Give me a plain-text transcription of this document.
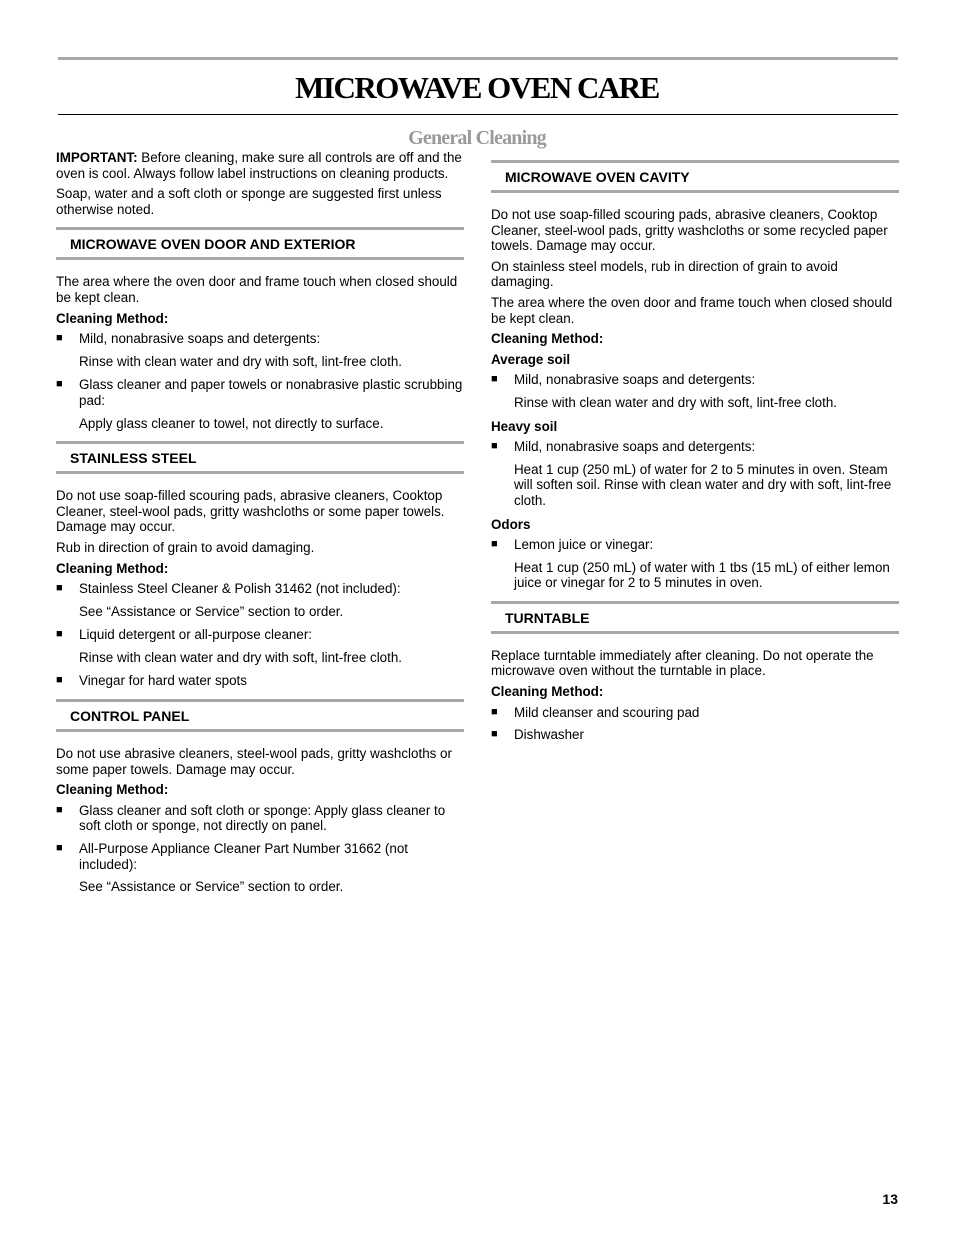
MICROWAVE OVEN CARE
General Cleaning

IMPORTANT: Before cleaning, make sure all controls are off and the oven is cool. Always follow label instructions on cleaning products.

Soap, water and a soft cloth or sponge are suggested first unless otherwise noted.

MICROWAVE OVEN DOOR AND EXTERIOR

The area where the oven door and frame touch when closed should be kept clean.

Cleaning Method:
■ Mild, nonabrasive soaps and detergents:
Rinse with clean water and dry with soft, lint-free cloth.
■ Glass cleaner and paper towels or nonabrasive plastic scrubbing pad:
Apply glass cleaner to towel, not directly to surface.
STAINLESS STEEL

Do not use soap-filled scouring pads, abrasive cleaners, Cooktop Cleaner, steel-wool pads, gritty washcloths or some paper towels. Damage may occur.

Rub in direction of grain to avoid damaging.

Cleaning Method:
■ Stainless Steel Cleaner & Polish 31462 (not included):
See “Assistance or Service” section to order.
■ Liquid detergent or all-purpose cleaner:
Rinse with clean water and dry with soft, lint-free cloth.
■ Vinegar for hard water spots
CONTROL PANEL

Do not use abrasive cleaners, steel-wool pads, gritty washcloths or some paper towels. Damage may occur.

Cleaning Method:
■ Glass cleaner and soft cloth or sponge: Apply glass cleaner to soft cloth or sponge, not directly on panel.
■ All-Purpose Appliance Cleaner Part Number 31662 (not included):
See “Assistance or Service” section to order.
MICROWAVE OVEN CAVITY

Do not use soap-filled scouring pads, abrasive cleaners, Cooktop Cleaner, steel-wool pads, gritty washcloths or some recycled paper towels. Damage may occur.

On stainless steel models, rub in direction of grain to avoid damaging.

The area where the oven door and frame touch when closed should be kept clean.

Cleaning Method:
Average soil
■ Mild, nonabrasive soaps and detergents:
Rinse with clean water and dry with soft, lint-free cloth.
Heavy soil
■ Mild, nonabrasive soaps and detergents:
Heat 1 cup (250 mL) of water for 2 to 5 minutes in oven. Steam will soften soil. Rinse with clean water and dry with soft, lint-free cloth.
Odors
■ Lemon juice or vinegar:
Heat 1 cup (250 mL) of water with 1 tbs (15 mL) of either lemon juice or vinegar for 2 to 5 minutes in oven.
TURNTABLE

Replace turntable immediately after cleaning. Do not operate the microwave oven without the turntable in place.

Cleaning Method:
■ Mild cleanser and scouring pad
■ Dishwasher
13
